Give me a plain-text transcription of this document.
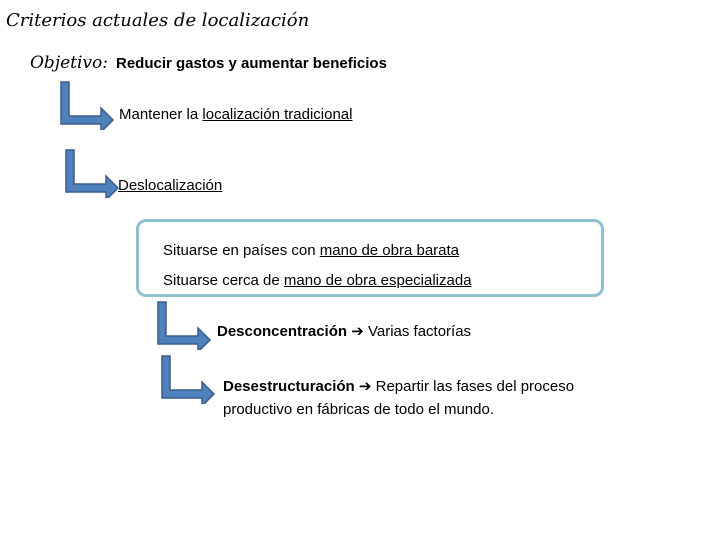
Criterios actuales de localización
Objetivo: Reducir gastos y aumentar beneficios
Mantener la localización tradicional
Deslocalización
Situarse en países con mano de obra barata
Situarse cerca de mano de obra especializada
Desconcentración ➔ Varias factorías
Desestructuración ➔ Repartir las fases del proceso
productivo en fábricas de todo el mundo.
